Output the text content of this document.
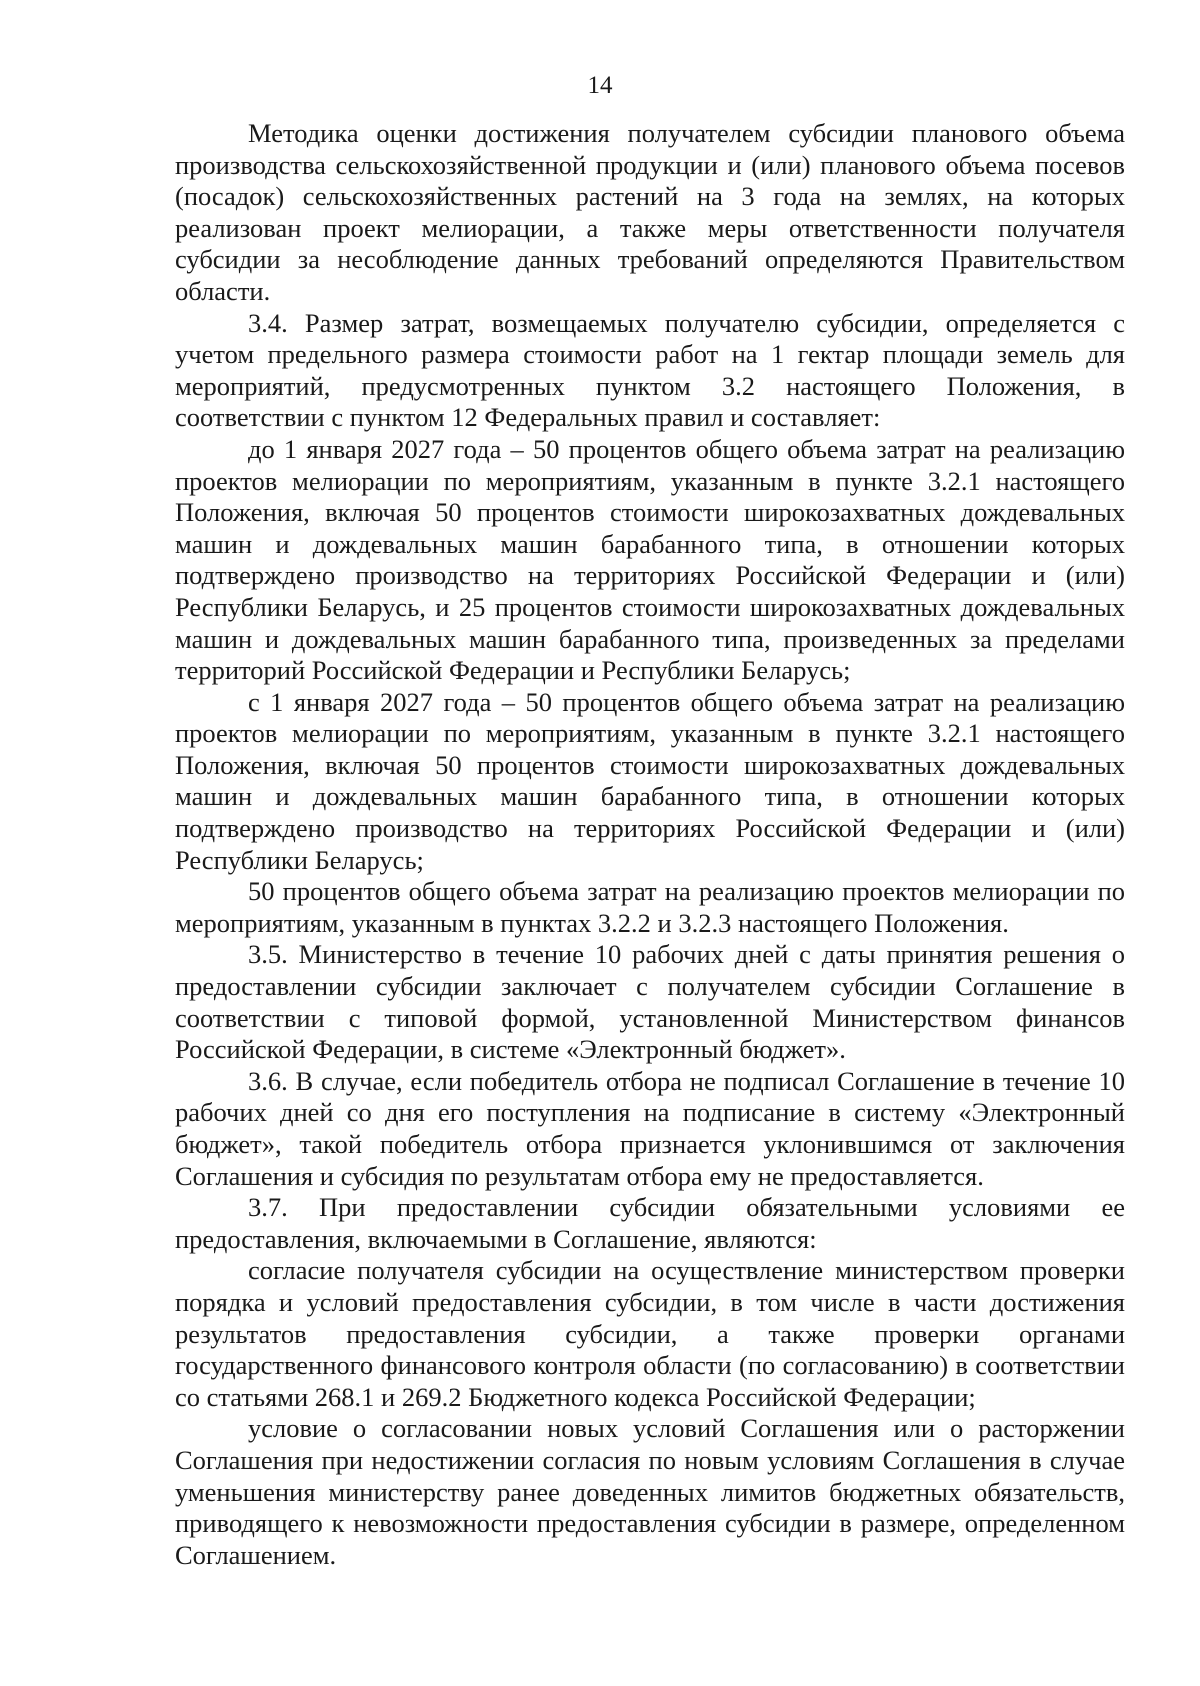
14

Методика оценки достижения получателем субсидии планового объема производства сельскохозяйственной продукции и (или) планового объема посевов (посадок) сельскохозяйственных растений на 3 года на землях, на которых реализован проект мелиорации, а также меры ответственности получателя субсидии за несоблюдение данных требований определяются Правительством области.

3.4. Размер затрат, возмещаемых получателю субсидии, определяется с учетом предельного размера стоимости работ на 1 гектар площади земель для мероприятий, предусмотренных пунктом 3.2 настоящего Положения, в соответствии с пунктом 12 Федеральных правил и составляет:

до 1 января 2027 года – 50 процентов общего объема затрат на реализацию проектов мелиорации по мероприятиям, указанным в пункте 3.2.1 настоящего Положения, включая 50 процентов стоимости широкозахватных дождевальных машин и дождевальных машин барабанного типа, в отношении которых подтверждено производство на территориях Российской Федерации и (или) Республики Беларусь, и 25 процентов стоимости широкозахватных дождевальных машин и дождевальных машин барабанного типа, произведенных за пределами территорий Российской Федерации и Республики Беларусь;

с 1 января 2027 года – 50 процентов общего объема затрат на реализацию проектов мелиорации по мероприятиям, указанным в пункте 3.2.1 настоящего Положения, включая 50 процентов стоимости широкозахватных дождевальных машин и дождевальных машин барабанного типа, в отношении которых подтверждено производство на территориях Российской Федерации и (или) Республики Беларусь;

50 процентов общего объема затрат на реализацию проектов мелиорации по мероприятиям, указанным в пунктах 3.2.2 и 3.2.3 настоящего Положения.

3.5. Министерство в течение 10 рабочих дней с даты принятия решения о предоставлении субсидии заключает с получателем субсидии Соглашение в соответствии с типовой формой, установленной Министерством финансов Российской Федерации, в системе «Электронный бюджет».

3.6. В случае, если победитель отбора не подписал Соглашение в течение 10 рабочих дней со дня его поступления на подписание в систему «Электронный бюджет», такой победитель отбора признается уклонившимся от заключения Соглашения и субсидия по результатам отбора ему не предоставляется.

3.7. При предоставлении субсидии обязательными условиями ее предоставления, включаемыми в Соглашение, являются:

согласие получателя субсидии на осуществление министерством проверки порядка и условий предоставления субсидии, в том числе в части достижения результатов предоставления субсидии, а также проверки органами государственного финансового контроля области (по согласованию) в соответствии со статьями 268.1 и 269.2 Бюджетного кодекса Российской Федерации;

условие о согласовании новых условий Соглашения или о расторжении Соглашения при недостижении согласия по новым условиям Соглашения в случае уменьшения министерству ранее доведенных лимитов бюджетных обязательств, приводящего к невозможности предоставления субсидии в размере, определенном Соглашением.
